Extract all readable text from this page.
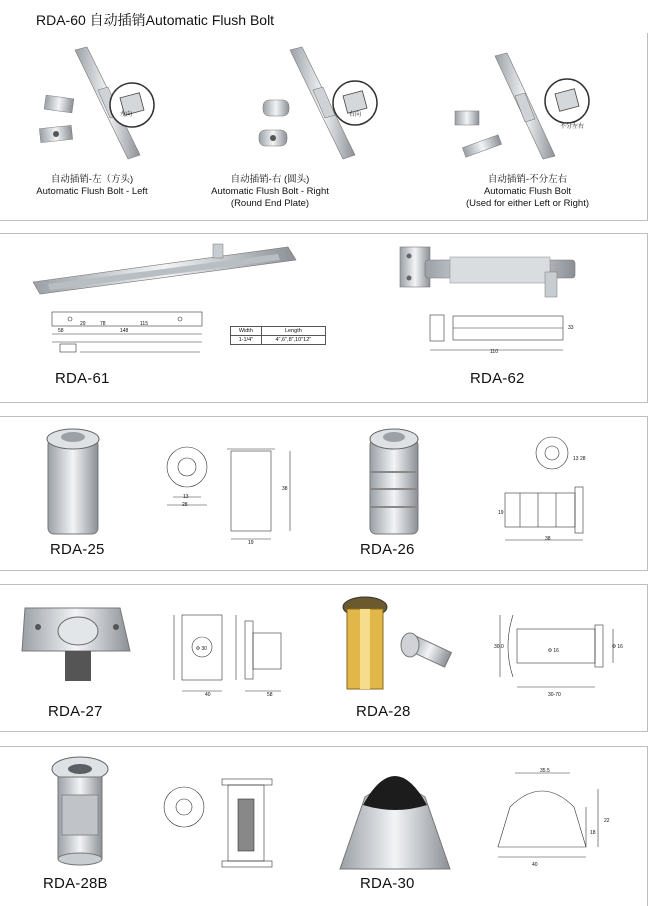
RDA-60 自动插销Automatic Flush Bolt
左向
自动插销-左（方头)
Automatic Flush Bolt - Left
右向
自动插销-右 (圆头)
Automatic Flush Bolt - Right
(Round End Plate)
不分左右
自动插销-不分左右
Automatic Flush Bolt
(Used for either Left or Right)
29	115
148
58
78
Width	Length
1-1/4"	4",6",8",10"12"
110
33
RDA-61	RDA-62
13
28
38
19
13 28
19
38
RDA-25	RDA-26
40	58
Φ 30	Φ 16
30-70
30.0	Φ 16
RDA-27	RDA-28
35.5
40
22
18
RDA-28B	RDA-30
